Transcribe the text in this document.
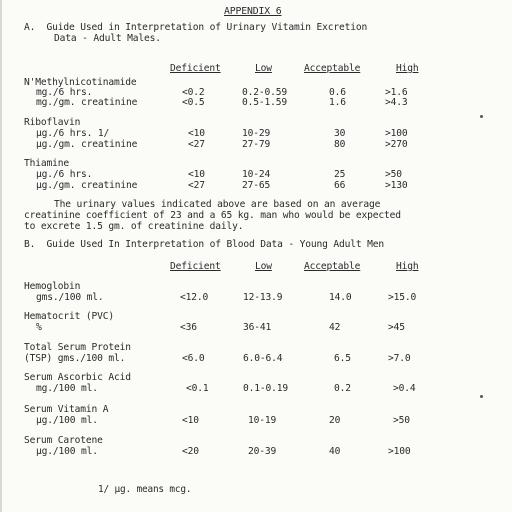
APPENDIX 6
A.  Guide Used in Interpretation of Urinary Vitamin Excretion
Data - Adult Males.
Deficient	Low	Acceptable	High
N'Methylnicotinamide
mg./6 hrs.	<0.2	0.2-0.59	0.6	>1.6
mg./gm. creatinine	<0.5	0.5-1.59	1.6	>4.3
Riboflavin
µg./6 hrs. 1/	<10	10-29	30	>100
µg./gm. creatinine	<27	27-79	80	>270
Thiamine
µg./6 hrs.	<10	10-24	25	>50
µg./gm. creatinine	<27	27-65	66	>130
The urinary values indicated above are based on an average
creatinine coefficient of 23 and a 65 kg. man who would be expected
to excrete 1.5 gm. of creatinine daily.
B.  Guide Used In Interpretation of Blood Data - Young Adult Men
Deficient	Low	Acceptable	High
Hemoglobin
gms./100 ml.	<12.0	12-13.9	14.0	>15.0
Hematocrit (PVC)
%	<36	36-41	42	>45
Total Serum Protein
(TSP) gms./100 ml.	<6.0	6.0-6.4	6.5	>7.0
Serum Ascorbic Acid
mg./100 ml.	<0.1	0.1-0.19	0.2	>0.4
Serum Vitamin A
µg./100 ml.	<10	10-19	20	>50
Serum Carotene
µg./100 ml.	<20	20-39	40	>100
1/ µg. means mcg.
